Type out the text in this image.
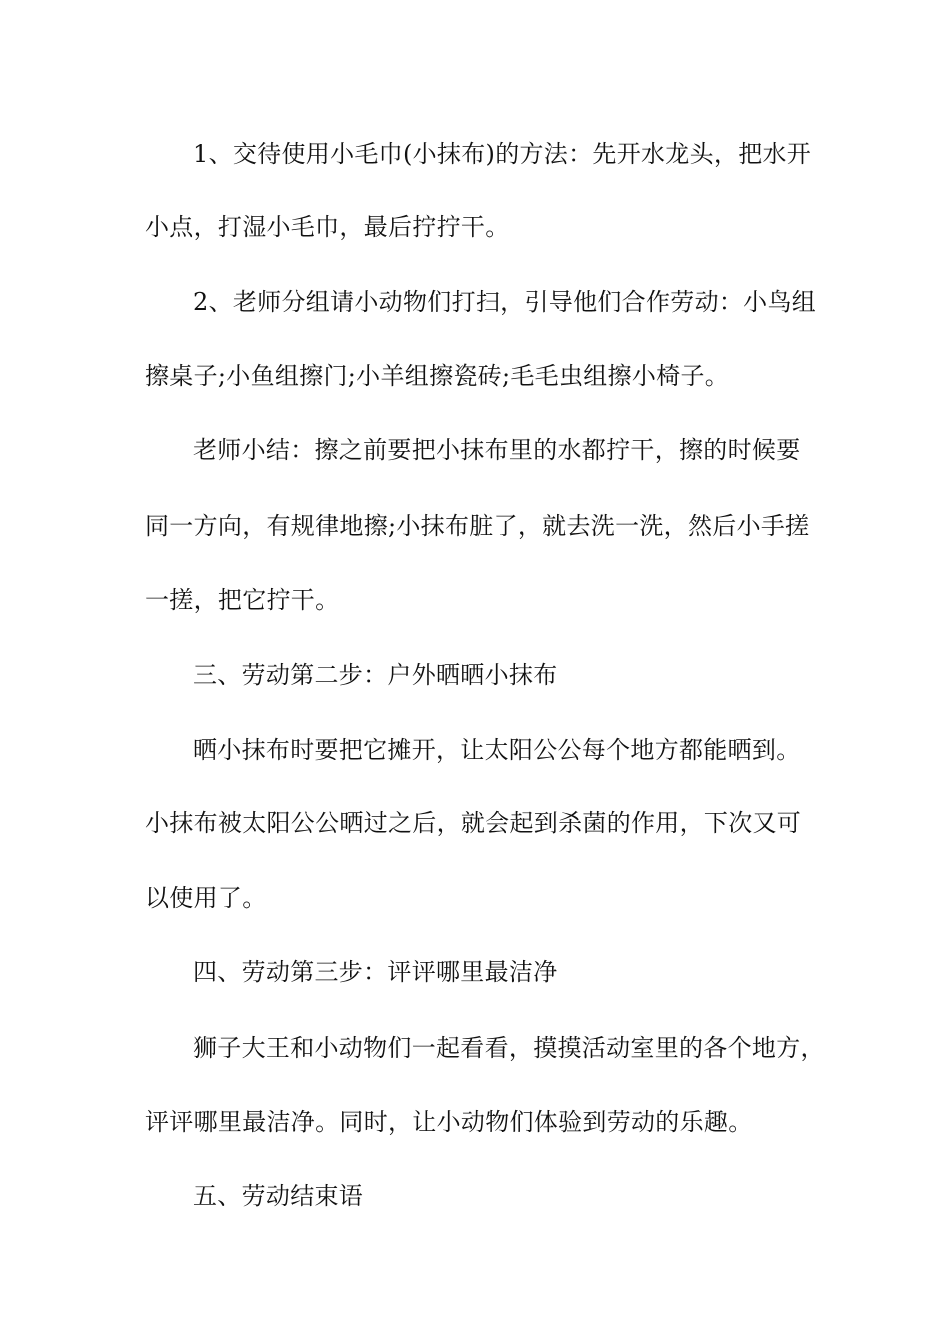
1、交待使用小毛巾(小抹布)的方法：先开水龙头，把水开
小点，打湿小毛巾，最后拧拧干。
2、老师分组请小动物们打扫，引导他们合作劳动：小鸟组
擦桌子;小鱼组擦门;小羊组擦瓷砖;毛毛虫组擦小椅子。
老师小结：擦之前要把小抹布里的水都拧干，擦的时候要
同一方向，有规律地擦;小抹布脏了，就去洗一洗，然后小手搓
一搓，把它拧干。
三、劳动第二步：户外晒晒小抹布
晒小抹布时要把它摊开，让太阳公公每个地方都能晒到。
小抹布被太阳公公晒过之后，就会起到杀菌的作用，下次又可
以使用了。
四、劳动第三步：评评哪里最洁净
狮子大王和小动物们一起看看，摸摸活动室里的各个地方，
评评哪里最洁净。同时，让小动物们体验到劳动的乐趣。
五、劳动结束语
